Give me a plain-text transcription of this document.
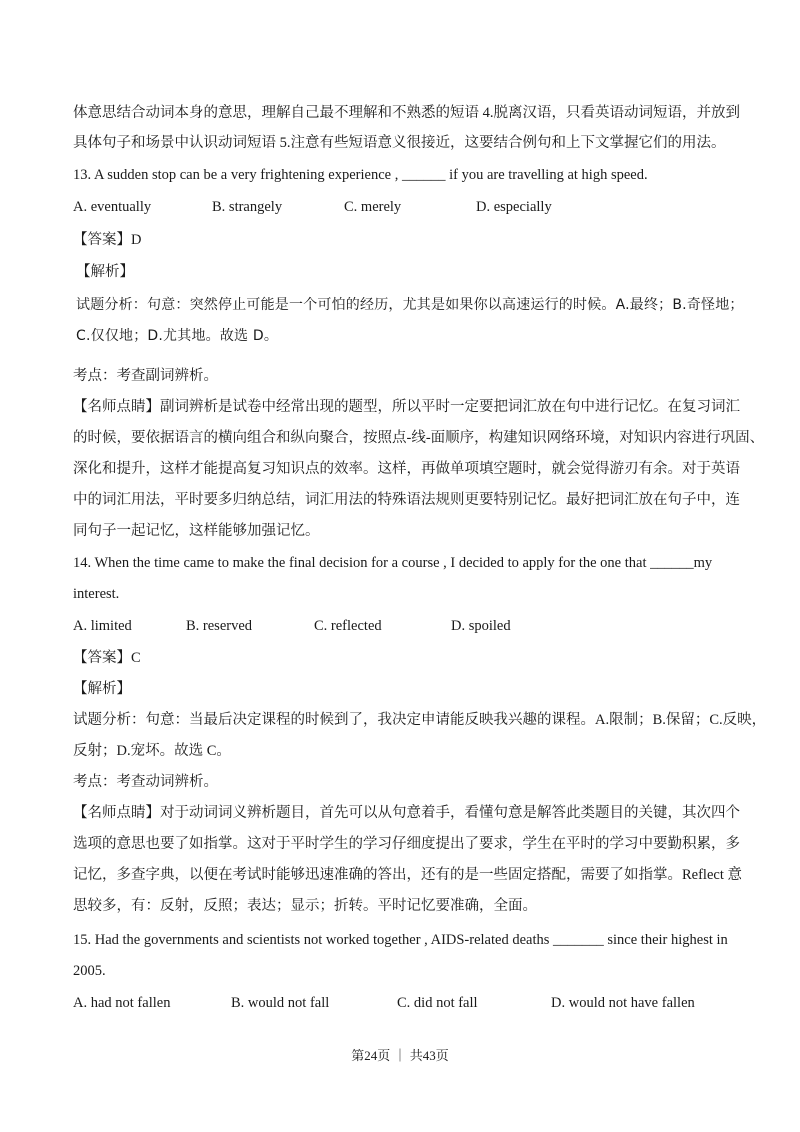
体意思结合动词本身的意思，理解自己最不理解和不熟悉的短语 4.脱离汉语，只看英语动词短语，并放到
具体句子和场景中认识动词短语 5.注意有些短语意义很接近，这要结合例句和上下文掌握它们的用法。
13. A sudden stop can be a very frightening experience , ______ if you are travelling at high speed.
A. eventually	B. strangely	C. merely	D. especially
【答案】D
【解析】
试题分析：句意：突然停止可能是一个可怕的经历，尤其是如果你以高速运行的时候。A.最终；B.奇怪地；
C.仅仅地；D.尤其地。故选 D。
考点：考查副词辨析。
【名师点睛】副词辨析是试卷中经常出现的题型，所以平时一定要把词汇放在句中进行记忆。在复习词汇
的时候，要依据语言的横向组合和纵向聚合，按照点-线-面顺序，构建知识网络环境，对知识内容进行巩固、
深化和提升，这样才能提高复习知识点的效率。这样，再做单项填空题时，就会觉得游刃有余。对于英语
中的词汇用法，平时要多归纳总结，词汇用法的特殊语法规则更要特别记忆。最好把词汇放在句子中，连
同句子一起记忆，这样能够加强记忆。
14. When the time came to make the final decision for a course , I decided to apply for the one that ______my
interest.
A. limited	B. reserved	C. reflected	D. spoiled
【答案】C
【解析】
试题分析：句意：当最后决定课程的时候到了，我决定申请能反映我兴趣的课程。A.限制；B.保留；C.反映，
反射；D.宠坏。故选 C。
考点：考查动词辨析。
【名师点睛】对于动词词义辨析题目，首先可以从句意着手，看懂句意是解答此类题目的关键，其次四个
选项的意思也要了如指掌。这对于平时学生的学习仔细度提出了要求，学生在平时的学习中要勤积累，多
记忆，多查字典，以便在考试时能够迅速准确的答出，还有的是一些固定搭配，需要了如指掌。Reflect 意
思较多，有：反射，反照；表达；显示；折转。平时记忆要准确，全面。
15. Had the governments and scientists not worked together , AIDS-related deaths _______ since their highest in
2005.
A. had not fallen	B. would not fall	C. did not fall	D. would not have fallen
第24页 ｜ 共43页
